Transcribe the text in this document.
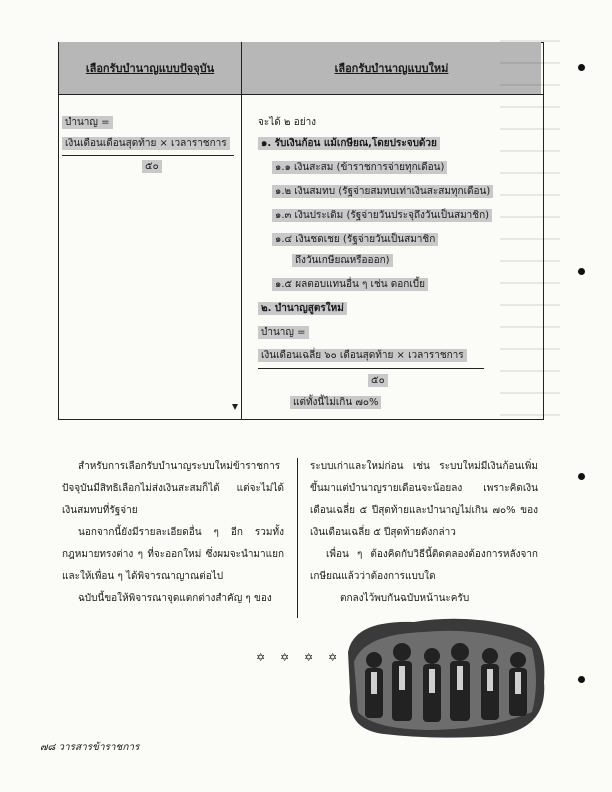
เลือกรับบำนาญแบบปัจจุบัน	เลือกรับบำนาญแบบใหม่
บำนาญ =
เงินเดือนเดือนสุดท้าย × เวลาราชการ
๕๐
จะได้ ๒ อย่าง
๑. รับเงินก้อน แม้เกษียณ,โดยประจบด้วย
๑.๑ เงินสะสม (ข้าราชการจ่ายทุกเดือน)
๑.๒ เงินสมทบ (รัฐจ่ายสมทบเท่าเงินสะสมทุกเดือน)
๑.๓ เงินประเดิม (รัฐจ่ายวันประจุถึงวันเป็นสมาชิก)
๑.๔ เงินชดเชย (รัฐจ่ายวันเป็นสมาชิก
ถึงวันเกษียณหรือออก)
๑.๕ ผลตอบแทนอื่น ๆ เช่น ดอกเบี้ย
๒. บำนาญสูตรใหม่
บำนาญ =
เงินเดือนเฉลี่ย ๖๐ เดือนสุดท้าย × เวลาราชการ
๕๐
แต่ทั้งนี้ไม่เกิน ๗๐%

สำหรับการเลือกรับบำนาญระบบใหม่ข้าราชการปัจจุบันมีสิทธิเลือกไม่ส่งเงินสะสมก็ได้ แต่จะไม่ได้เงินสมทบที่รัฐจ่าย

นอกจากนี้ยังมีรายละเอียดอื่น ๆ อีก รวมทั้งกฎหมายทรงต่าง ๆ ที่จะออกใหม่ ซึ่งผมจะนำมาแยกและให้เพื่อน ๆ ได้พิจารณาญาณต่อไป

ฉบับนี้ขอให้พิจารณาจุดแตกต่างสำคัญ ๆ ของ

ระบบเก่าและใหม่ก่อน เช่น ระบบใหม่มีเงินก้อนเพิ่มขึ้นมาแต่บำนาญรายเดือนจะน้อยลง เพราะคิดเงินเดือนเฉลี่ย ๕ ปีสุดท้ายและบำนาญไม่เกิน ๗๐% ของเงินเดือนเฉลี่ย ๕ ปีสุดท้ายดังกล่าว

เพื่อน ๆ ต้องคิดกับวิธีนี้ติดตลองต้องการหลังจากเกษียณแล้วว่าต้องการแบบใด

ตกลงไว้พบกันฉบับหน้านะครับ

✡ ✡ ✡ ✡
๗๘ วารสารข้าราชการ
